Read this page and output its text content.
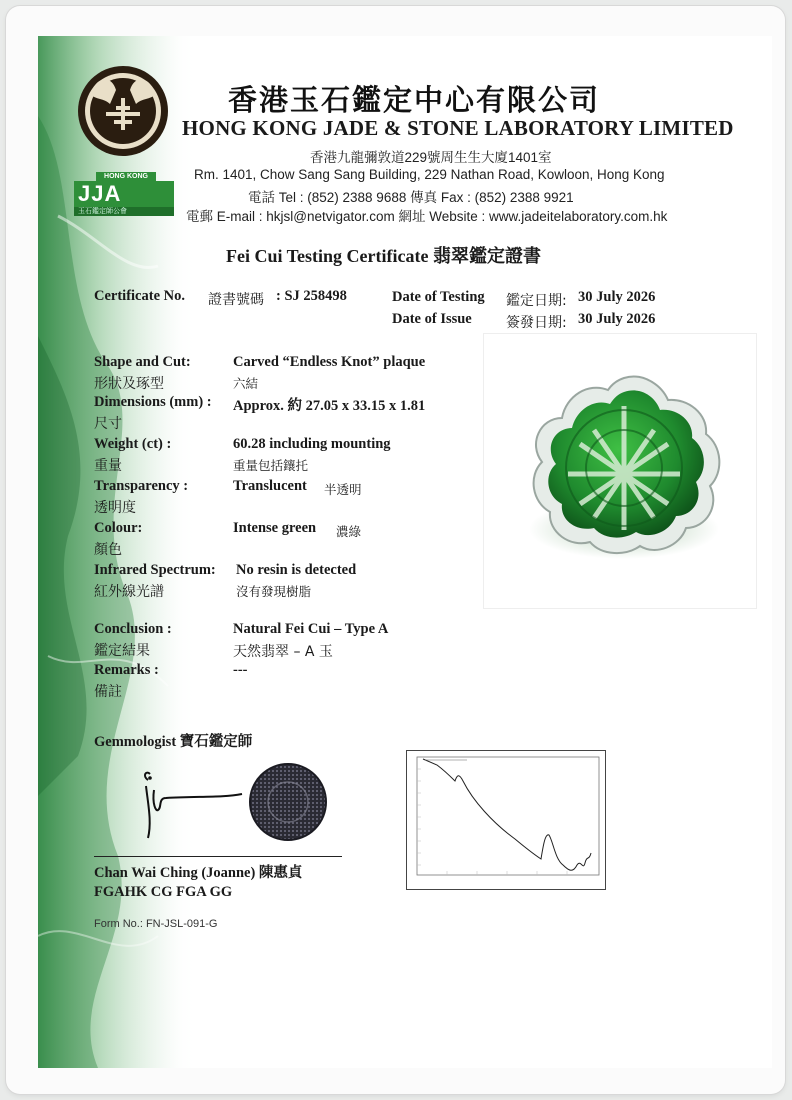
香港玉石鑑定中心有限公司
HONG KONG JADE & STONE LABORATORY LIMITED
香港九龍彌敦道229號周生生大廈1401室
Rm. 1401, Chow Sang Sang Building, 229 Nathan Road, Kowloon, Hong Kong
電話 Tel : (852) 2388 9688 傳真 Fax : (852) 2388 9921
電郵 E-mail : hkjsl@netvigator.com 網址 Website : www.jadeitelaboratory.com.hk
HONG KONG
JJA
玉石鑑定師公會
Fei Cui Testing Certificate 翡翠鑑定證書
Certificate No. 證書號碼 : SJ 258498	Date of Testing 鑑定日期: 30 July 2026
Date of Issue 簽發日期: 30 July 2026
Shape and Cut:
形狀及琢型
Carved “Endless Knot” plaque
六結
Dimensions (mm) :
尺寸
Approx. 約 27.05 x 33.15 x 1.81
Weight (ct) :
重量
60.28 including mounting
重量包括鑲托
Transparency :
透明度
Translucent 半透明
Colour:
顏色
Intense green 濃綠
Infrared Spectrum:
紅外線光譜
No resin is detected
沒有發現樹脂
Conclusion :
鑑定結果
Natural Fei Cui – Type A
天然翡翠 – A 玉
Remarks :
備註
---
Gemmologist 寶石鑑定師
Chan Wai Ching (Joanne) 陳惠貞
FGAHK CG FGA GG
Form No.: FN-JSL-091-G
